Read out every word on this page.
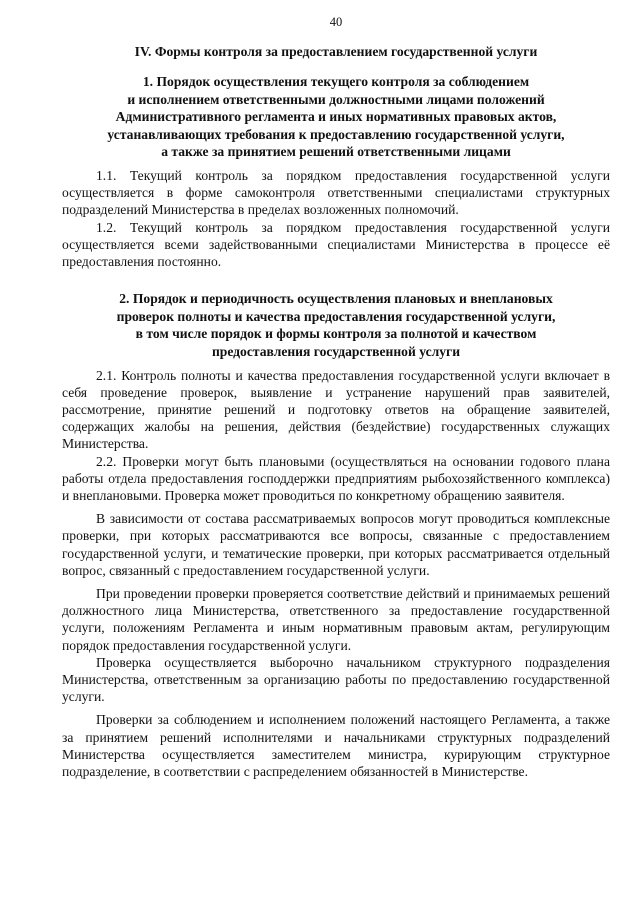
40
IV. Формы контроля за предоставлением государственной услуги
1. Порядок осуществления текущего контроля за соблюдением
и исполнением ответственными должностными лицами положений
Административного регламента и иных нормативных правовых актов,
устанавливающих требования к предоставлению государственной услуги,
а также за принятием решений ответственными лицами

1.1. Текущий контроль за порядком предоставления государственной услуги осуществляется в форме самоконтроля ответственными специалистами структурных подразделений Министерства в пределах возложенных полномочий.

1.2. Текущий контроль за порядком предоставления государственной услуги осуществляется всеми задействованными специалистами Министерства в процессе её предоставления постоянно.

2. Порядок и периодичность осуществления плановых и внеплановых
проверок полноты и качества предоставления государственной услуги,
в том числе порядок и формы контроля за полнотой и качеством
предоставления государственной услуги

2.1. Контроль полноты и качества предоставления государственной услуги включает в себя проведение проверок, выявление и устранение нарушений прав заявителей, рассмотрение, принятие решений и подготовку ответов на обращение заявителей, содержащих жалобы на решения, действия (бездействие) государственных служащих Министерства.

2.2. Проверки могут быть плановыми (осуществляться на основании годового плана работы отдела предоставления господдержки предприятиям рыбохозяйственного комплекса) и внеплановыми. Проверка может проводиться по конкретному обращению заявителя.

В зависимости от состава рассматриваемых вопросов могут проводиться комплексные проверки, при которых рассматриваются все вопросы, связанные с предоставлением государственной услуги, и тематические проверки, при которых рассматривается отдельный вопрос, связанный с предоставлением государственной услуги.

При проведении проверки проверяется соответствие действий и принимаемых решений должностного лица Министерства, ответственного за предоставление государственной услуги, положениям Регламента и иным нормативным правовым актам, регулирующим порядок предоставления государственной услуги.

Проверка осуществляется выборочно начальником структурного подразделения Министерства, ответственным за организацию работы по предоставлению государственной услуги.

Проверки за соблюдением и исполнением положений настоящего Регламента, а также за принятием решений исполнителями и начальниками структурных подразделений Министерства осуществляется заместителем министра, курирующим структурное подразделение, в соответствии с распределением обязанностей в Министерстве.
